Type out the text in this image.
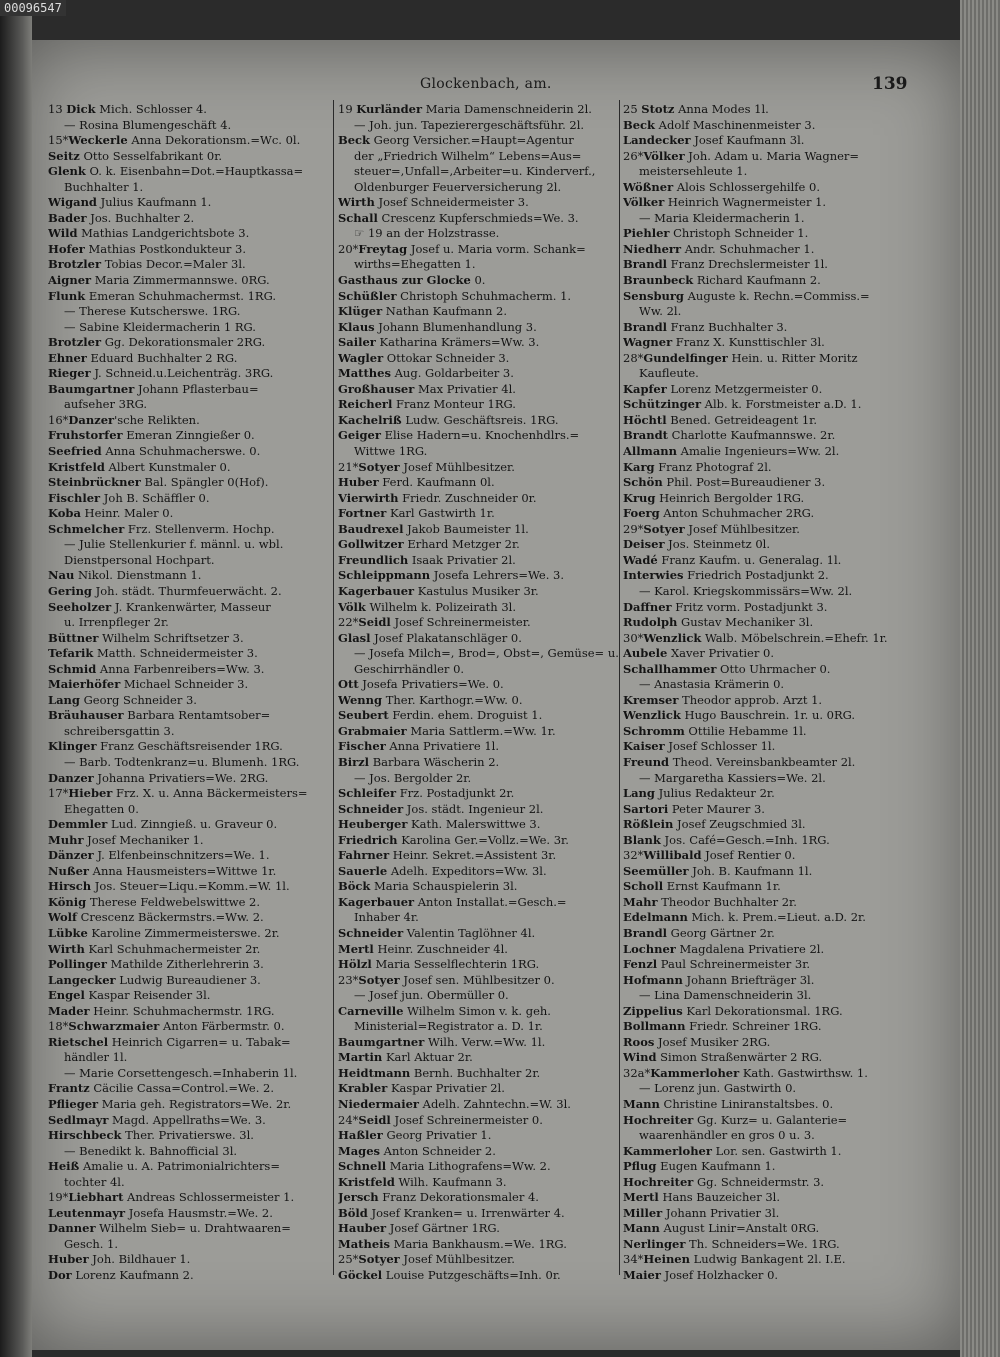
00096547
Glockenbach, am.	139
13 Dick Mich. Schlosser 4.
— Rosina Blumengeschäft 4.
15*Weckerle Anna Dekorationsm.=Wc. 0l.
Seitz Otto Sesselfabrikant 0r.
Glenk O. k. Eisenbahn=Dot.=Hauptkassa=
Buchhalter 1.
Wigand Julius Kaufmann 1.
Bader Jos. Buchhalter 2.
Wild Mathias Landgerichtsbote 3.
Hofer Mathias Postkondukteur 3.
Brotzler Tobias Decor.=Maler 3l.
Aigner Maria Zimmermannswe. 0RG.
Flunk Emeran Schuhmachermst. 1RG.
— Therese Kutscherswe. 1RG.
— Sabine Kleidermacherin 1 RG.
Brotzler Gg. Dekorationsmaler 2RG.
Ehner Eduard Buchhalter 2 RG.
Rieger J. Schneid.u.Leichenträg. 3RG.
Baumgartner Johann Pflasterbau=
aufseher 3RG.
16*Danzer'sche Relikten.
Fruhstorfer Emeran Zinngießer 0.
Seefried Anna Schuhmacherswe. 0.
Kristfeld Albert Kunstmaler 0.
Steinbrückner Bal. Spängler 0(Hof).
Fischler Joh B. Schäffler 0.
Koba Heinr. Maler 0.
Schmelcher Frz. Stellenverm. Hochp.
— Julie Stellenkurier f. männl. u. wbl.
Dienstpersonal Hochpart.
Nau Nikol. Dienstmann 1.
Gering Joh. städt. Thurmfeuerwächt. 2.
Seeholzer J. Krankenwärter, Masseur
u. Irrenpfleger 2r.
Büttner Wilhelm Schriftsetzer 3.
Tefarik Matth. Schneidermeister 3.
Schmid Anna Farbenreibers=Ww. 3.
Maierhöfer Michael Schneider 3.
Lang Georg Schneider 3.
Bräuhauser Barbara Rentamtsober=
schreibersgattin 3.
Klinger Franz Geschäftsreisender 1RG.
— Barb. Todtenkranz=u. Blumenh. 1RG.
Danzer Johanna Privatiers=We. 2RG.
17*Hieber Frz. X. u. Anna Bäckermeisters=
Ehegatten 0.
Demmler Lud. Zinngieß. u. Graveur 0.
Muhr Josef Mechaniker 1.
Dänzer J. Elfenbeinschnitzers=We. 1.
Nußer Anna Hausmeisters=Wittwe 1r.
Hirsch Jos. Steuer=Liqu.=Komm.=W. 1l.
König Therese Feldwebelswittwe 2.
Wolf Crescenz Bäckermstrs.=Ww. 2.
Lübke Karoline Zimmermeisterswe. 2r.
Wirth Karl Schuhmachermeister 2r.
Pollinger Mathilde Zitherlehrerin 3.
Langecker Ludwig Bureaudiener 3.
Engel Kaspar Reisender 3l.
Mader Heinr. Schuhmachermstr. 1RG.
18*Schwarzmaier Anton Färbermstr. 0.
Rietschel Heinrich Cigarren= u. Tabak=
händler 1l.
— Marie Corsettengesch.=Inhaberin 1l.
Frantz Cäcilie Cassa=Control.=We. 2.
Pflieger Maria geh. Registrators=We. 2r.
Sedlmayr Magd. Appellraths=We. 3.
Hirschbeck Ther. Privatierswe. 3l.
— Benedikt k. Bahnofficial 3l.
Heiß Amalie u. A. Patrimonialrichters=
tochter 4l.
19*Liebhart Andreas Schlossermeister 1.
Leutenmayr Josefa Hausmstr.=We. 2.
Danner Wilhelm Sieb= u. Drahtwaaren=
Gesch. 1.
Huber Joh. Bildhauer 1.
Dor Lorenz Kaufmann 2.
19 Kurländer Maria Damenschneiderin 2l.
— Joh. jun. Tapezierergeschäftsführ. 2l.
Beck Georg Versicher.=Haupt=Agentur
der „Friedrich Wilhelm“ Lebens=Aus=
steuer=,Unfall=,Arbeiter=u. Kinderverf.,
Oldenburger Feuerversicherung 2l.
Wirth Josef Schneidermeister 3.
Schall Crescenz Kupferschmieds=We. 3.
☞ 19 an der Holzstrasse.
20*Freytag Josef u. Maria vorm. Schank=
wirths=Ehegatten 1.
Gasthaus zur Glocke 0.
Schüßler Christoph Schuhmacherm. 1.
Klüger Nathan Kaufmann 2.
Klaus Johann Blumenhandlung 3.
Sailer Katharina Krämers=Ww. 3.
Wagler Ottokar Schneider 3.
Matthes Aug. Goldarbeiter 3.
Großhauser Max Privatier 4l.
Reicherl Franz Monteur 1RG.
Kachelriß Ludw. Geschäftsreis. 1RG.
Geiger Elise Hadern=u. Knochenhdlrs.=
Wittwe 1RG.
21*Sotyer Josef Mühlbesitzer.
Huber Ferd. Kaufmann 0l.
Vierwirth Friedr. Zuschneider 0r.
Fortner Karl Gastwirth 1r.
Baudrexel Jakob Baumeister 1l.
Gollwitzer Erhard Metzger 2r.
Freundlich Isaak Privatier 2l.
Schleippmann Josefa Lehrers=We. 3.
Kagerbauer Kastulus Musiker 3r.
Völk Wilhelm k. Polizeirath 3l.
22*Seidl Josef Schreinermeister.
Glasl Josef Plakatanschläger 0.
— Josefa Milch=, Brod=, Obst=, Gemüse= u.
Geschirrhändler 0.
Ott Josefa Privatiers=We. 0.
Wenng Ther. Karthogr.=Ww. 0.
Seubert Ferdin. ehem. Droguist 1.
Grabmaier Maria Sattlerm.=Ww. 1r.
Fischer Anna Privatiere 1l.
Birzl Barbara Wäscherin 2.
— Jos. Bergolder 2r.
Schleifer Frz. Postadjunkt 2r.
Schneider Jos. städt. Ingenieur 2l.
Heuberger Kath. Malerswittwe 3.
Friedrich Karolina Ger.=Vollz.=We. 3r.
Fahrner Heinr. Sekret.=Assistent 3r.
Sauerle Adelh. Expeditors=Ww. 3l.
Böck Maria Schauspielerin 3l.
Kagerbauer Anton Installat.=Gesch.=
Inhaber 4r.
Schneider Valentin Taglöhner 4l.
Mertl Heinr. Zuschneider 4l.
Hölzl Maria Sesselflechterin 1RG.
23*Sotyer Josef sen. Mühlbesitzer 0.
— Josef jun. Obermüller 0.
Carneville Wilhelm Simon v. k. geh.
Ministerial=Registrator a. D. 1r.
Baumgartner Wilh. Verw.=Ww. 1l.
Martin Karl Aktuar 2r.
Heidtmann Bernh. Buchhalter 2r.
Krabler Kaspar Privatier 2l.
Niedermaier Adelh. Zahntechn.=W. 3l.
24*Seidl Josef Schreinermeister 0.
Haßler Georg Privatier 1.
Mages Anton Schneider 2.
Schnell Maria Lithografens=Ww. 2.
Kristfeld Wilh. Kaufmann 3.
Jersch Franz Dekorationsmaler 4.
Böld Josef Kranken= u. Irrenwärter 4.
Hauber Josef Gärtner 1RG.
Matheis Maria Bankhausm.=We. 1RG.
25*Sotyer Josef Mühlbesitzer.
Göckel Louise Putzgeschäfts=Inh. 0r.
25 Stotz Anna Modes 1l.
Beck Adolf Maschinenmeister 3.
Landecker Josef Kaufmann 3l.
26*Völker Joh. Adam u. Maria Wagner=
meistersehleute 1.
Wößner Alois Schlossergehilfe 0.
Völker Heinrich Wagnermeister 1.
— Maria Kleidermacherin 1.
Piehler Christoph Schneider 1.
Niedherr Andr. Schuhmacher 1.
Brandl Franz Drechslermeister 1l.
Braunbeck Richard Kaufmann 2.
Sensburg Auguste k. Rechn.=Commiss.=
Ww. 2l.
Brandl Franz Buchhalter 3.
Wagner Franz X. Kunsttischler 3l.
28*Gundelfinger Hein. u. Ritter Moritz
Kaufleute.
Kapfer Lorenz Metzgermeister 0.
Schützinger Alb. k. Forstmeister a.D. 1.
Höchtl Bened. Getreideagent 1r.
Brandt Charlotte Kaufmannswe. 2r.
Allmann Amalie Ingenieurs=Ww. 2l.
Karg Franz Photograf 2l.
Schön Phil. Post=Bureaudiener 3.
Krug Heinrich Bergolder 1RG.
Foerg Anton Schuhmacher 2RG.
29*Sotyer Josef Mühlbesitzer.
Deiser Jos. Steinmetz 0l.
Wadé Franz Kaufm. u. Generalag. 1l.
Interwies Friedrich Postadjunkt 2.
— Karol. Kriegskommissärs=Ww. 2l.
Daffner Fritz vorm. Postadjunkt 3.
Rudolph Gustav Mechaniker 3l.
30*Wenzlick Walb. Möbelschrein.=Ehefr. 1r.
Aubele Xaver Privatier 0.
Schallhammer Otto Uhrmacher 0.
— Anastasia Krämerin 0.
Kremser Theodor approb. Arzt 1.
Wenzlick Hugo Bauschrein. 1r. u. 0RG.
Schromm Ottilie Hebamme 1l.
Kaiser Josef Schlosser 1l.
Freund Theod. Vereinsbankbeamter 2l.
— Margaretha Kassiers=We. 2l.
Lang Julius Redakteur 2r.
Sartori Peter Maurer 3.
Rößlein Josef Zeugschmied 3l.
Blank Jos. Café=Gesch.=Inh. 1RG.
32*Willibald Josef Rentier 0.
Seemüller Joh. B. Kaufmann 1l.
Scholl Ernst Kaufmann 1r.
Mahr Theodor Buchhalter 2r.
Edelmann Mich. k. Prem.=Lieut. a.D. 2r.
Brandl Georg Gärtner 2r.
Lochner Magdalena Privatiere 2l.
Fenzl Paul Schreinermeister 3r.
Hofmann Johann Briefträger 3l.
— Lina Damenschneiderin 3l.
Zippelius Karl Dekorationsmal. 1RG.
Bollmann Friedr. Schreiner 1RG.
Roos Josef Musiker 2RG.
Wind Simon Straßenwärter 2 RG.
32a*Kammerloher Kath. Gastwirthsw. 1.
— Lorenz jun. Gastwirth 0.
Mann Christine Liniranstaltsbes. 0.
Hochreiter Gg. Kurz= u. Galanterie=
waarenhändler en gros 0 u. 3.
Kammerloher Lor. sen. Gastwirth 1.
Pflug Eugen Kaufmann 1.
Hochreiter Gg. Schneidermstr. 3.
Mertl Hans Bauzeicher 3l.
Miller Johann Privatier 3l.
Mann August Linir=Anstalt 0RG.
Nerlinger Th. Schneiders=We. 1RG.
34*Heinen Ludwig Bankagent 2l. I.E.
Maier Josef Holzhacker 0.
